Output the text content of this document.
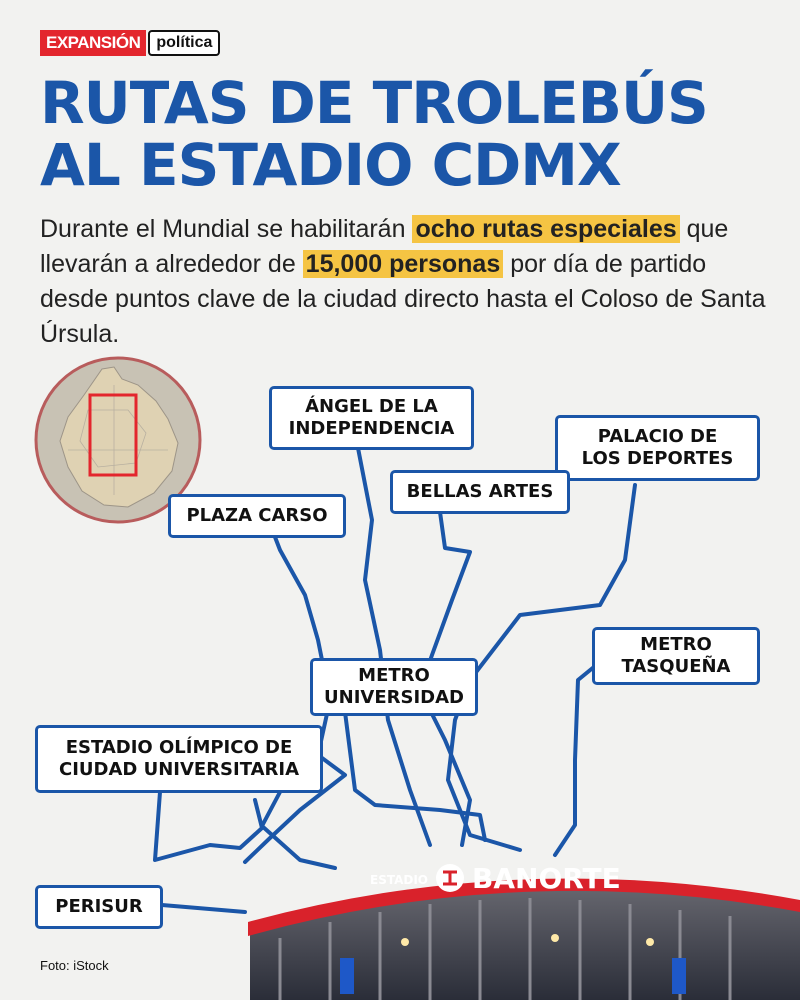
EXPANSIÓN	política
RUTAS DE TROLEBÚS
AL ESTADIO CDMX

Durante el Mundial se habilitarán ocho rutas especiales que llevarán a alrededor de 15,000 personas por día de partido desde puntos clave de la ciudad directo hasta el Coloso de Santa Úrsula.

ESTADIO BANORTE
ÁNGEL DE LA
INDEPENDENCIA	PALACIO DE
LOS DEPORTES
BELLAS ARTES
PLAZA CARSO
METRO
TASQUEÑA
METRO
UNIVERSIDAD
ESTADIO OLÍMPICO DE
CIUDAD UNIVERSITARIA
PERISUR
Foto: iStock
